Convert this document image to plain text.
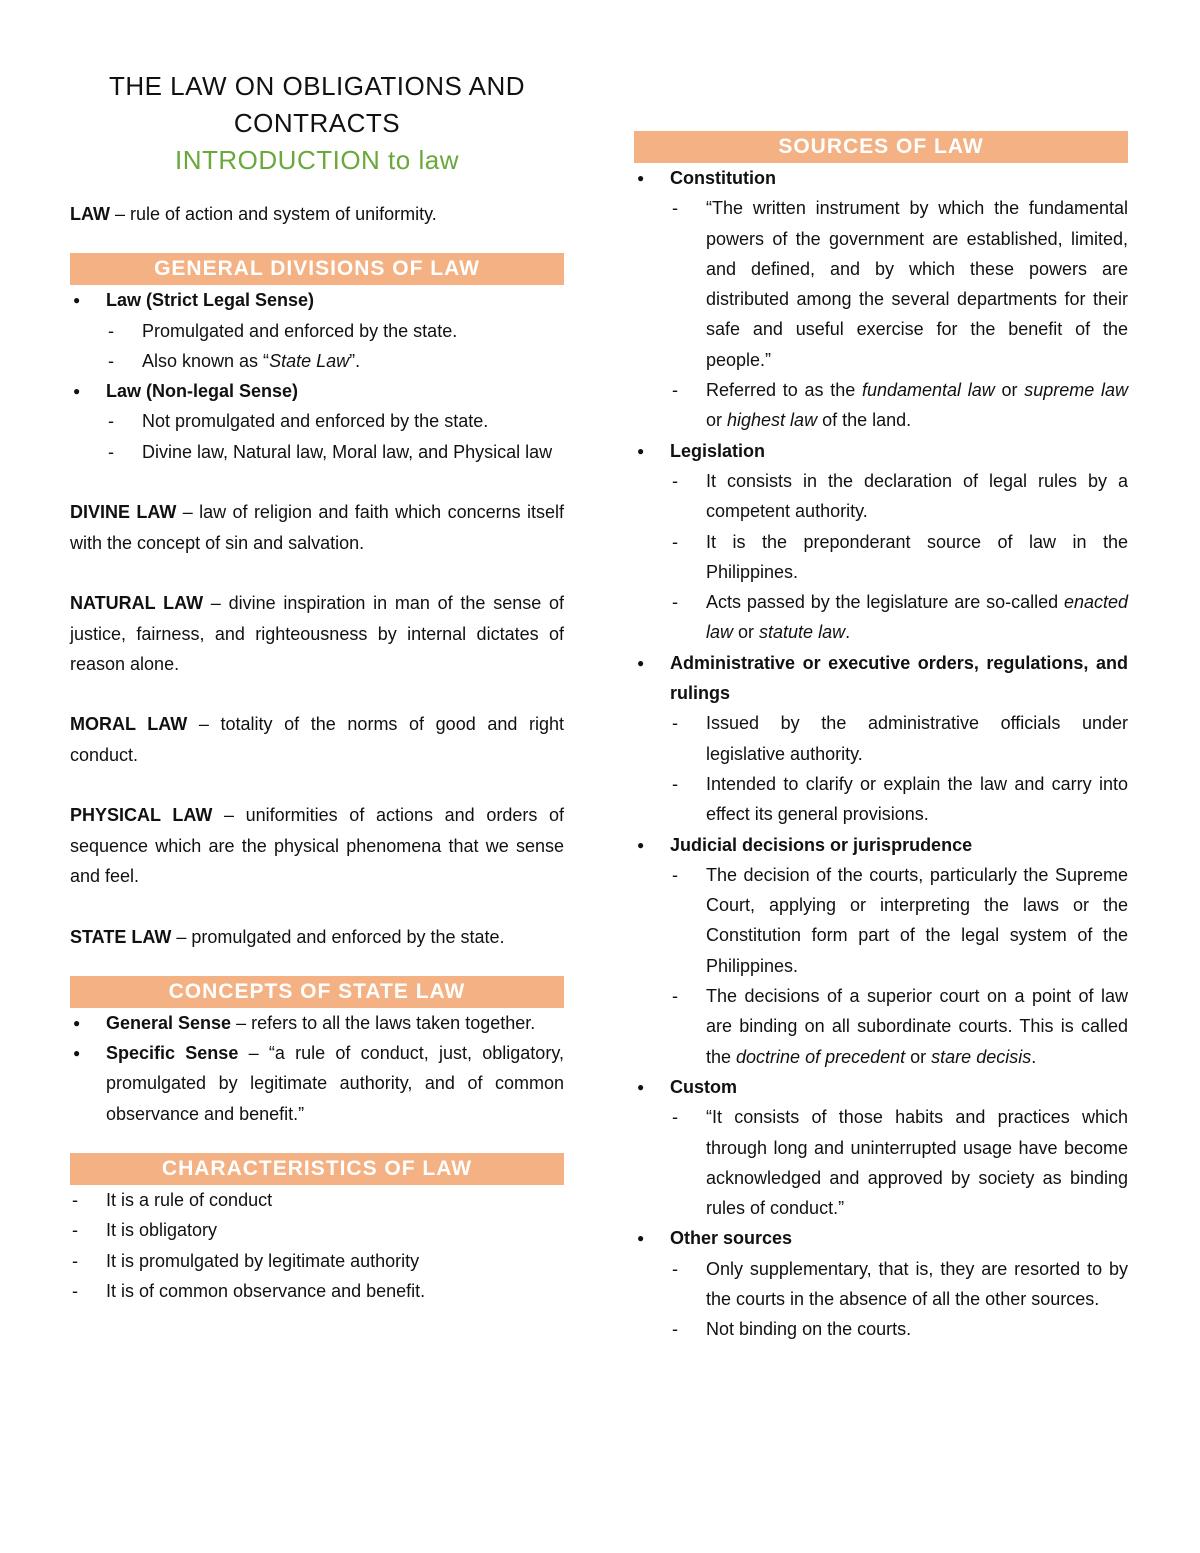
THE LAW ON OBLIGATIONS AND
CONTRACTS
INTRODUCTION to law
LAW – rule of action and system of uniformity.
GENERAL DIVISIONS OF LAW
● Law (Strict Legal Sense)
- Promulgated and enforced by the state.
- Also known as “State Law”.
● Law (Non-legal Sense)
- Not promulgated and enforced by the state.
- Divine law, Natural law, Moral law, and Physical law
DIVINE LAW – law of religion and faith which concerns itself with the concept of sin and salvation.
NATURAL LAW – divine inspiration in man of the sense of justice, fairness, and righteousness by internal dictates of reason alone.
MORAL LAW – totality of the norms of good and right conduct.
PHYSICAL LAW – uniformities of actions and orders of sequence which are the physical phenomena that we sense and feel.
STATE LAW – promulgated and enforced by the state.
CONCEPTS OF STATE LAW
● General Sense – refers to all the laws taken together.
● Specific Sense – “a rule of conduct, just, obligatory, promulgated by legitimate authority, and of common observance and benefit.”
CHARACTERISTICS OF LAW
- It is a rule of conduct
- It is obligatory
- It is promulgated by legitimate authority
- It is of common observance and benefit.
SOURCES OF LAW
● Constitution
- “The written instrument by which the fundamental powers of the government are established, limited, and defined, and by which these powers are distributed among the several departments for their safe and useful exercise for the benefit of the people.”
- Referred to as the fundamental law or supreme law or highest law of the land.
● Legislation
- It consists in the declaration of legal rules by a competent authority.
- It is the preponderant source of law in the Philippines.
- Acts passed by the legislature are so-called enacted law or statute law.
● Administrative or executive orders, regulations, and rulings
- Issued by the administrative officials under legislative authority.
- Intended to clarify or explain the law and carry into effect its general provisions.
● Judicial decisions or jurisprudence
- The decision of the courts, particularly the Supreme Court, applying or interpreting the laws or the Constitution form part of the legal system of the Philippines.
- The decisions of a superior court on a point of law are binding on all subordinate courts. This is called the doctrine of precedent or stare decisis.
● Custom
- “It consists of those habits and practices which through long and uninterrupted usage have become acknowledged and approved by society as binding rules of conduct.”
● Other sources
- Only supplementary, that is, they are resorted to by the courts in the absence of all the other sources.
- Not binding on the courts.
